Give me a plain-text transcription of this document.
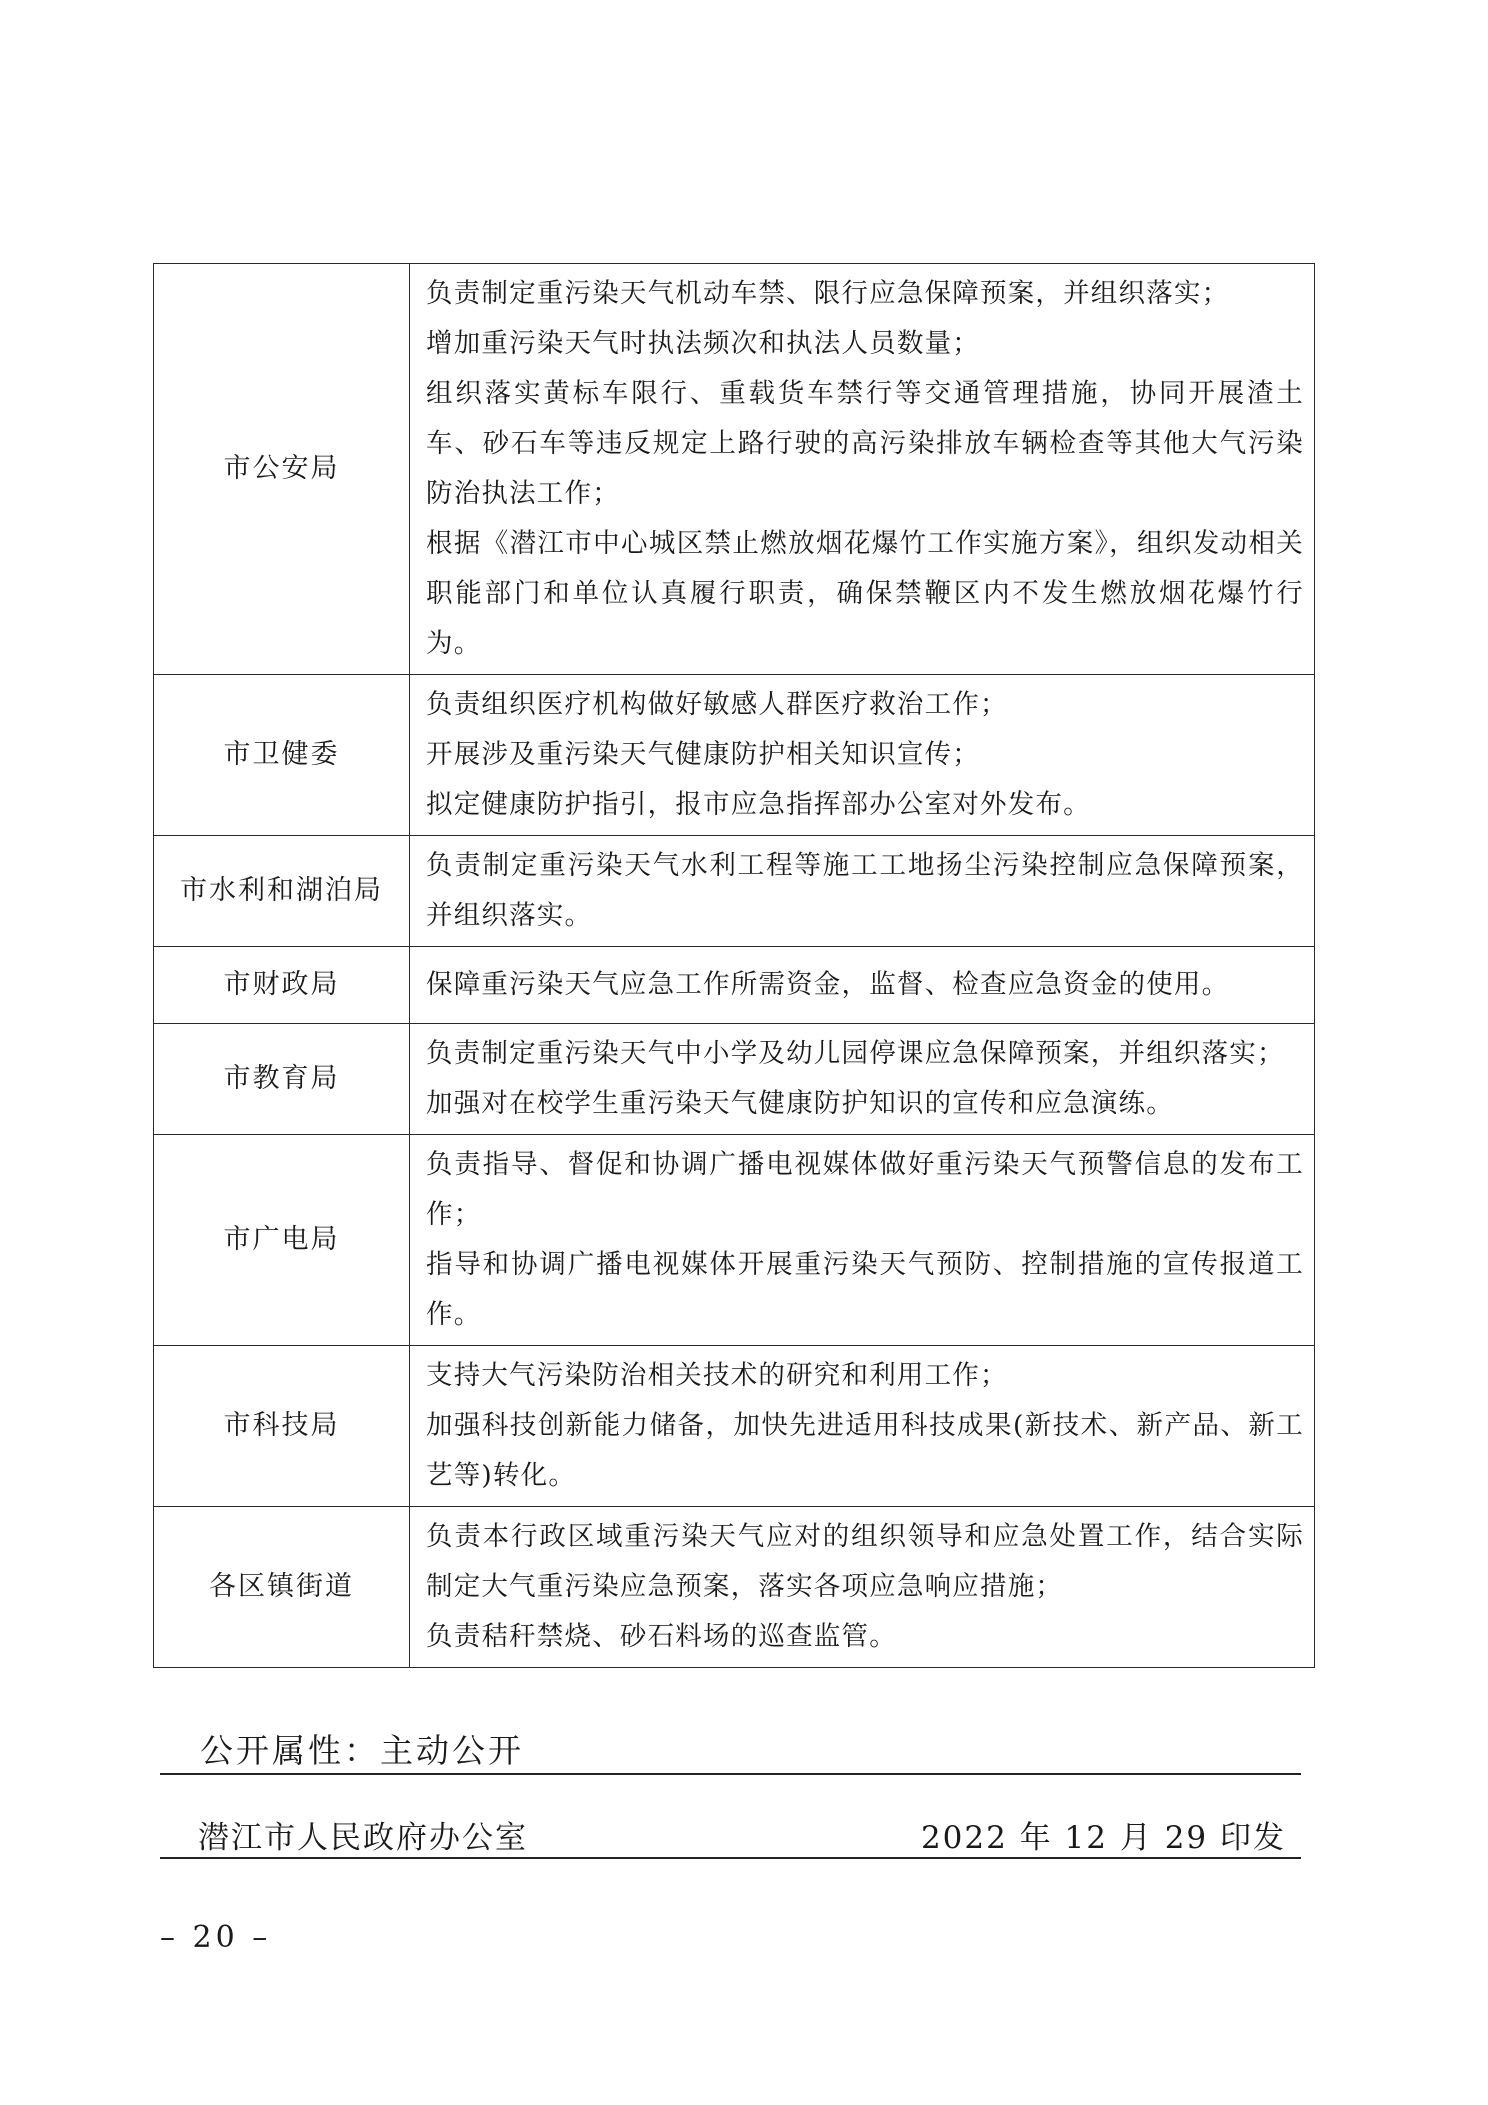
市公安局	负责制定重污染天气机动车禁、限行应急保障预案，并组织落实；
增加重污染天气时执法频次和执法人员数量；
组织落实黄标车限行、重载货车禁行等交通管理措施，协同开展渣土车、砂石车等违反规定上路行驶的高污染排放车辆检查等其他大气污染防治执法工作；
根据《潜江市中心城区禁止燃放烟花爆竹工作实施方案》，组织发动相关职能部门和单位认真履行职责，确保禁鞭区内不发生燃放烟花爆竹行为。

市卫健委	负责组织医疗机构做好敏感人群医疗救治工作；
开展涉及重污染天气健康防护相关知识宣传；
拟定健康防护指引，报市应急指挥部办公室对外发布。

市水利和湖泊局	负责制定重污染天气水利工程等施工工地扬尘污染控制应急保障预案，并组织落实。

市财政局	保障重污染天气应急工作所需资金，监督、检查应急资金的使用。

市教育局	负责制定重污染天气中小学及幼儿园停课应急保障预案，并组织落实；
加强对在校学生重污染天气健康防护知识的宣传和应急演练。

市广电局	负责指导、督促和协调广播电视媒体做好重污染天气预警信息的发布工作；
指导和协调广播电视媒体开展重污染天气预防、控制措施的宣传报道工作。

市科技局	支持大气污染防治相关技术的研究和利用工作；
加强科技创新能力储备，加快先进适用科技成果(新技术、新产品、新工艺等)转化。

各区镇街道	负责本行政区域重污染天气应对的组织领导和应急处置工作，结合实际制定大气重污染应急预案，落实各项应急响应措施；
负责秸秆禁烧、砂石料场的巡查监管。
公开属性：主动公开
潜江市人民政府办公室	2022 年 12 月 29 印发
– 20 –
